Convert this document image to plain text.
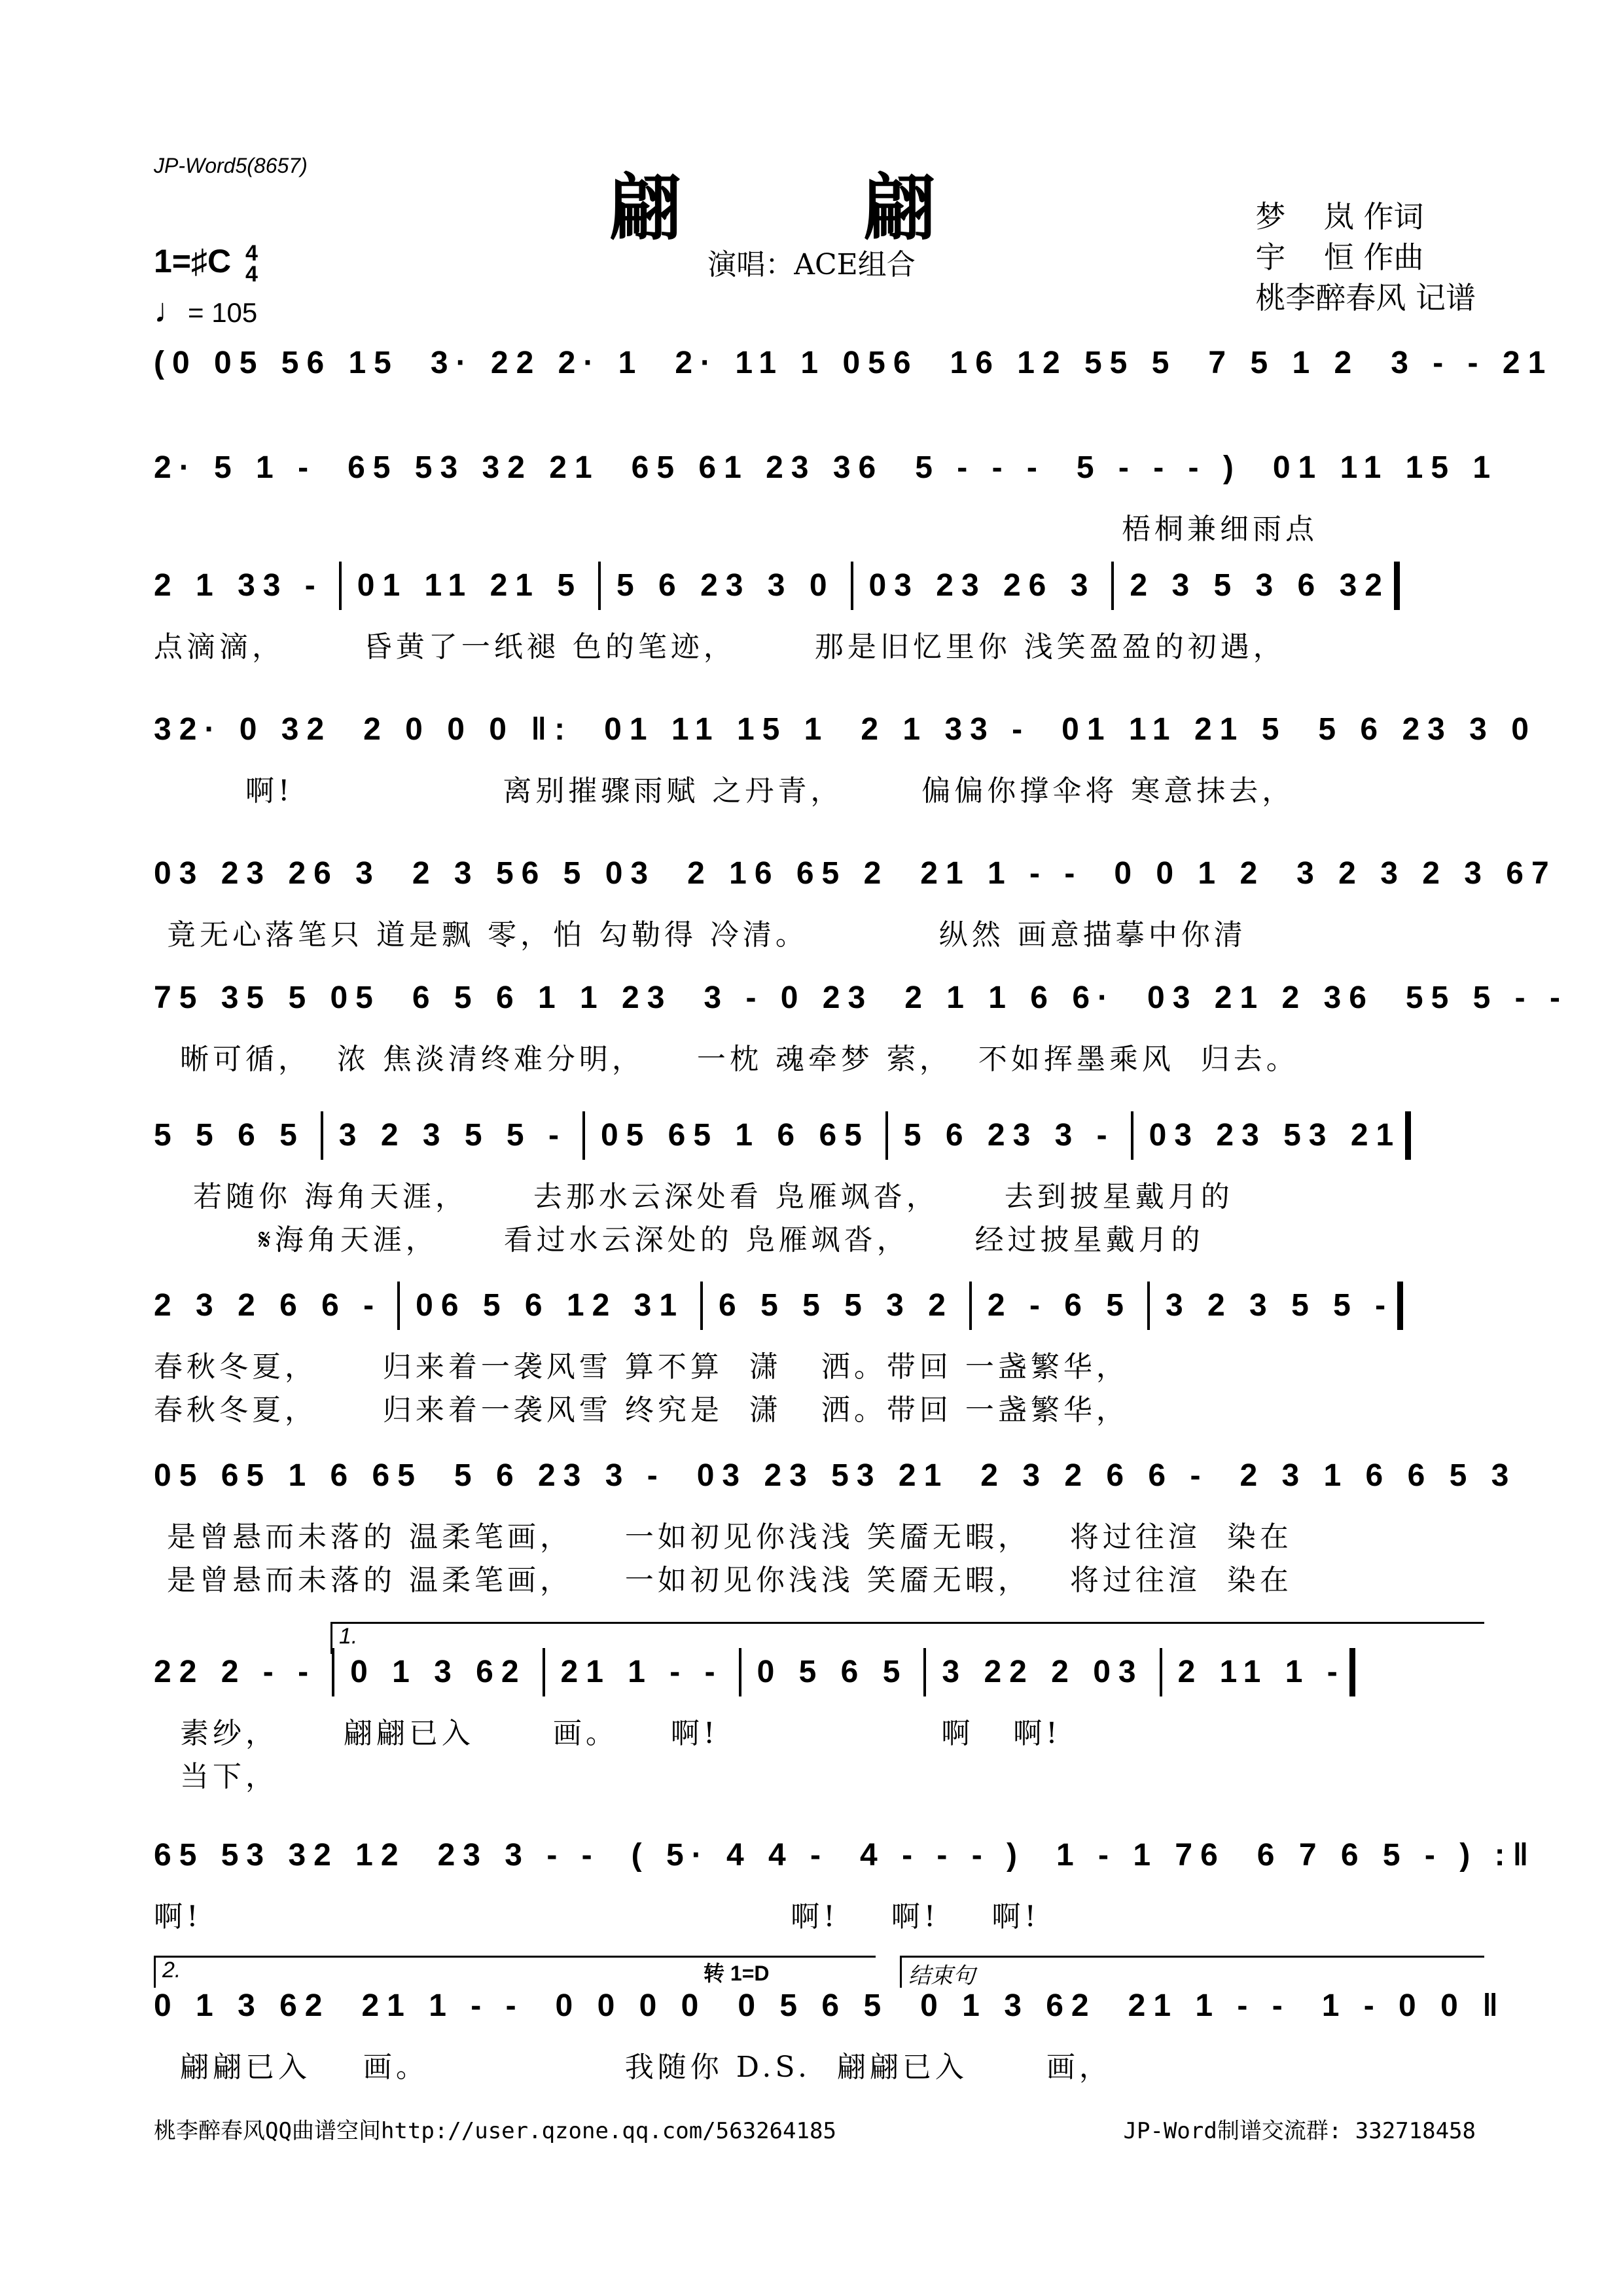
JP-Word5(8657)
翩 翩
演唱：ACE组合
梦    岚 作词
宇    恒 作曲
桃李醉春风 记谱
1=♯C 4
4
♩= 105
(0 05 56 15 3· 22 2· 1 2· 11 1 056 16 12 55 5 7 5 1 2 3 - - 21
2· 5 1 - 65 53 32 21 65 61 23 36 5 - - - 5 - - - ) 01 11 15 1
梧桐兼细雨点
2 1 33 - 01 11 21 5 5 6 23 3 0 03 23 26 3 2 3 5 3 6 32
点滴滴，      昏黄了一纸褪 色的笔迹，      那是旧忆里你 浅笑盈盈的初遇，
32· 0 32 2 0 0 0 ‖: 01 11 15 1 2 1 33 - 01 11 21 5 5 6 23 3 0
啊!                离别摧骤雨赋 之丹青，      偏偏你撑伞将 寒意抹去，
03 23 26 3 2 3 56 5 03 2 16 65 2 21 1 - - 0 0 1 2 3 2 3 2 3 67
竟无心落笔只 道是飘 零，怕 勾勒得 冷清。          纵然 画意描摹中你清
75 35 5 05 6 5 6 1 1 23 3 - 0 23 2 1 1 6 6· 03 21 2 36 55 5 - -
晰可循，  浓 焦淡清终难分明，    一枕 魂牵梦 萦，  不如挥墨乘风  归去。
5 5 6 5 3 2 3 5 5 - 05 65 1 6 65 5 6 23 3 - 03 23 53 21
若随你 海角天涯，     去那水云深处看 凫雁飒沓，     去到披星戴月的
𝄋海角天涯，     看过水云深处的 凫雁飒沓，     经过披星戴月的
2 3 2 6 6 - 06 5 6 12 31 6 5 5 5 3 2 2 - 6 5 3 2 3 5 5 -
春秋冬夏，     归来着一袭风雪 算不算  潇   洒。带回 一盏繁华，
春秋冬夏，     归来着一袭风雪 终究是  潇   洒。带回 一盏繁华，
05 65 1 6 65 5 6 23 3 - 03 23 53 21 2 3 2 6 6 - 2 3 1 6 6 5 3
是曾悬而未落的 温柔笔画，    一如初见你浅浅 笑靥无暇，   将过往渲  染在
是曾悬而未落的 温柔笔画，    一如初见你浅浅 笑靥无暇，   将过往渲  染在
1.
22 2 - - 0 1 3 62 21 1 - - 0 5 6 5 3 22 2 03 2 11 1 -
素纱，     翩翩已入      画。    啊!                 啊   啊!
当下，
65 53 32 12 23 3 - - ( 5· 4 4 - 4 - - - ) 1 - 1 76 6 7 6 5 - ) :‖
啊!                                             啊!    啊!    啊!
2.	结束句
转 1=D
0 1 3 62 21 1 - - 0 0 0 0 0 5 6 5 0 1 3 62 21 1 - - 1 - 0 0 ‖
翩翩已入    画。               我随你 D.S.  翩翩已入      画，
桃李醉春风QQ曲谱空间http://user.qzone.qq.com/563264185	JP-Word制谱交流群: 332718458
